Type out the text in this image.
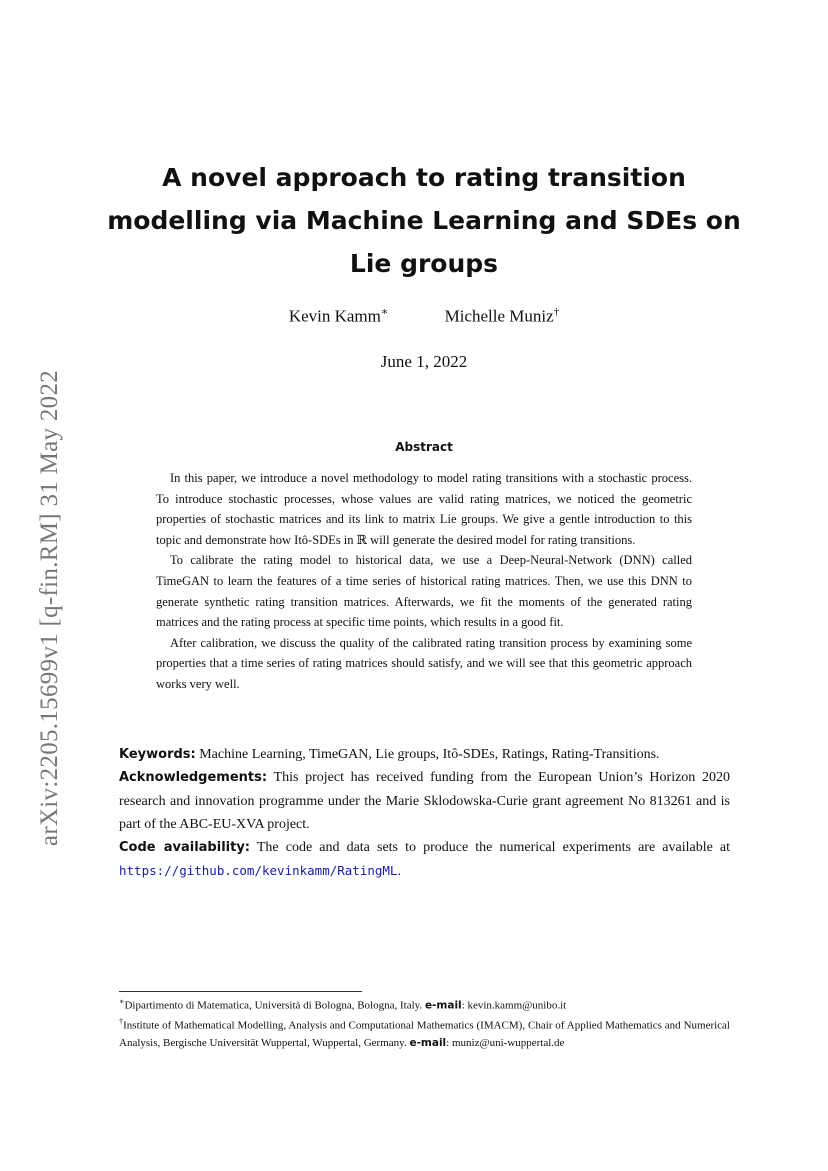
arXiv:2205.15699v1 [q-fin.RM] 31 May 2022
A novel approach to rating transition modelling via Machine Learning and SDEs on Lie groups
Kevin Kamm∗	Michelle Muniz†
June 1, 2022
Abstract

In this paper, we introduce a novel methodology to model rating transitions with a stochastic process. To introduce stochastic processes, whose values are valid rating matrices, we noticed the geometric properties of stochastic matrices and its link to matrix Lie groups. We give a gentle introduction to this topic and demonstrate how Itô-SDEs in ℝ will generate the desired model for rating transitions.

To calibrate the rating model to historical data, we use a Deep-Neural-Network (DNN) called TimeGAN to learn the features of a time series of historical rating matrices. Then, we use this DNN to generate synthetic rating transition matrices. Afterwards, we fit the moments of the generated rating matrices and the rating process at specific time points, which results in a good fit.

After calibration, we discuss the quality of the calibrated rating transition process by examining some properties that a time series of rating matrices should satisfy, and we will see that this geometric approach works very well.

Keywords: Machine Learning, TimeGAN, Lie groups, Itô-SDEs, Ratings, Rating-Transitions.

Acknowledgements: This project has received funding from the European Union’s Horizon 2020 research and innovation programme under the Marie Sklodowska-Curie grant agreement No 813261 and is part of the ABC-EU-XVA project.

Code availability: The code and data sets to produce the numerical experiments are available at https://github.com/kevinkamm/RatingML.

∗Dipartimento di Matematica, Università di Bologna, Bologna, Italy. e-mail: kevin.kamm@unibo.it

†Institute of Mathematical Modelling, Analysis and Computational Mathematics (IMACM), Chair of Applied Mathematics and Numerical Analysis, Bergische Universität Wuppertal, Wuppertal, Germany. e-mail: muniz@uni-wuppertal.de
